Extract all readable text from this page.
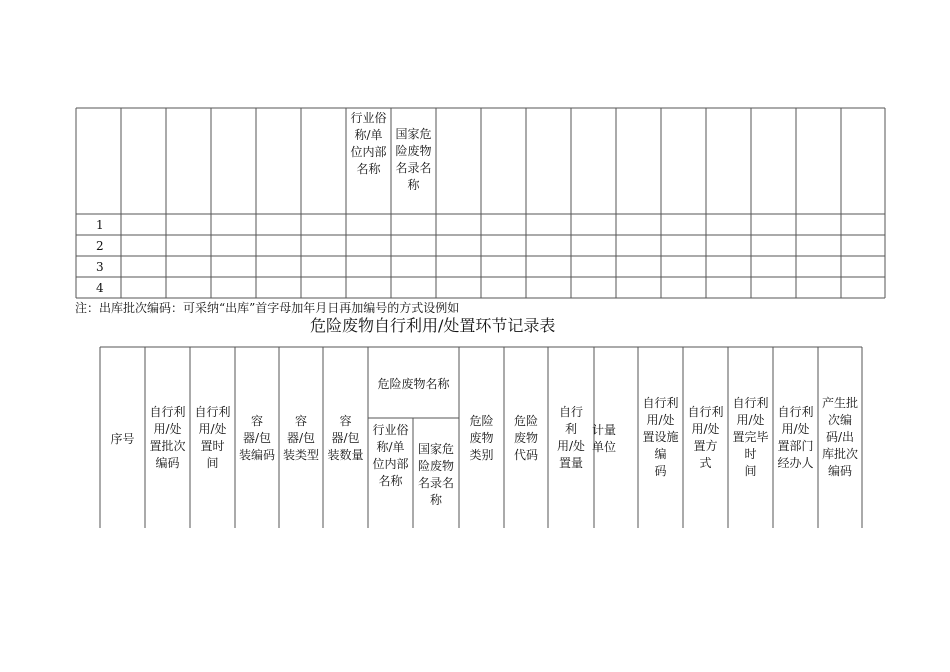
行业俗
称/单
位内部
名称
国家危
险废物
名录名
称
1
2
3
4
注：出库批次编码：可采纳“出库”首字母加年月日再加编号的方式设例如
危险废物自行利用/处置环节记录表
序号
自行利
用/处
置批次
编码
自行利
用/处
置时
间
容
器/包
装编码
容
器/包
装类型
容
器/包
装数量
危险废物名称
行业俗
称/单
位内部
名称
国家危
险废物
名录名
称
危险
废物
类别
危险
废物
代码
自行
利
用/处
置量
计量
单位
自行利
用/处
置设施
编
码
自行利
用/处
置方
式
自行利
用/处
置完毕
时
间
自行利
用/处
置部门
经办人
产生批
次编
码/出
库批次
编码
